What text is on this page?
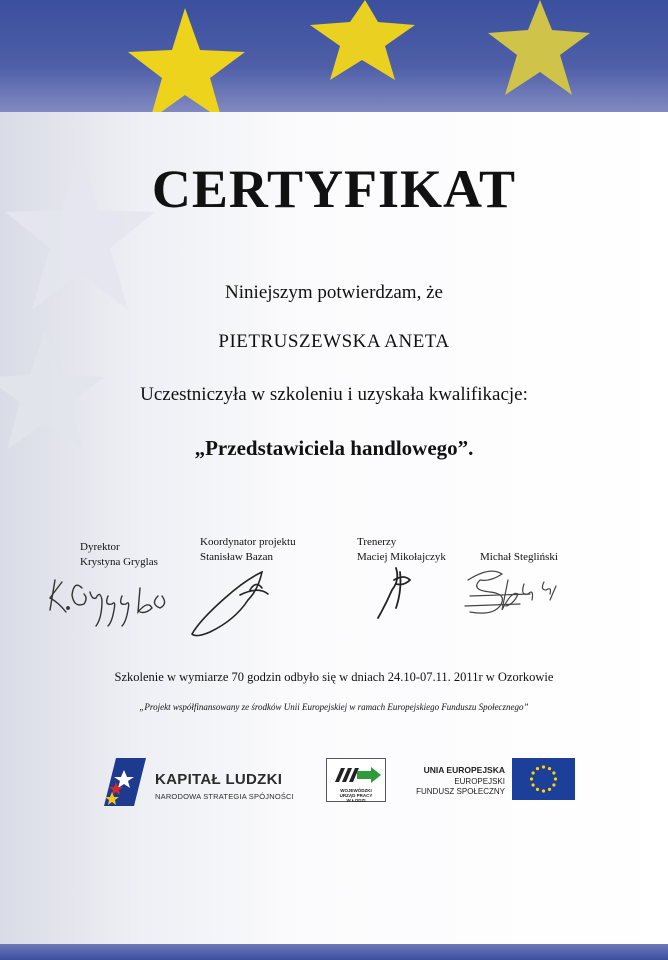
CERTYFIKAT
Niniejszym potwierdzam, że
PIETRUSZEWSKA ANETA
Uczestniczyła w szkoleniu i uzyskała kwalifikacje:
„Przedstawiciela handlowego”.
Dyrektor
Krystyna Gryglas
Koordynator projektu
Stanisław Bazan
Trenerzy
Maciej Mikołajczyk	Michał Stegliński
Szkolenie w wymiarze 70 godzin odbyło się w dniach 24.10-07.11. 2011r w Ozorkowie
„Projekt współfinansowany ze środków Unii Europejskiej w ramach Europejskiego Funduszu Społecznego”
KAPITAŁ LUDZKI
NARODOWA STRATEGIA SPÓJNOŚCI
WOJEWÓDZKI
URZĄD PRACY
W ŁODZI
UNIA EUROPEJSKA
EUROPEJSKI
FUNDUSZ SPOŁECZNY
